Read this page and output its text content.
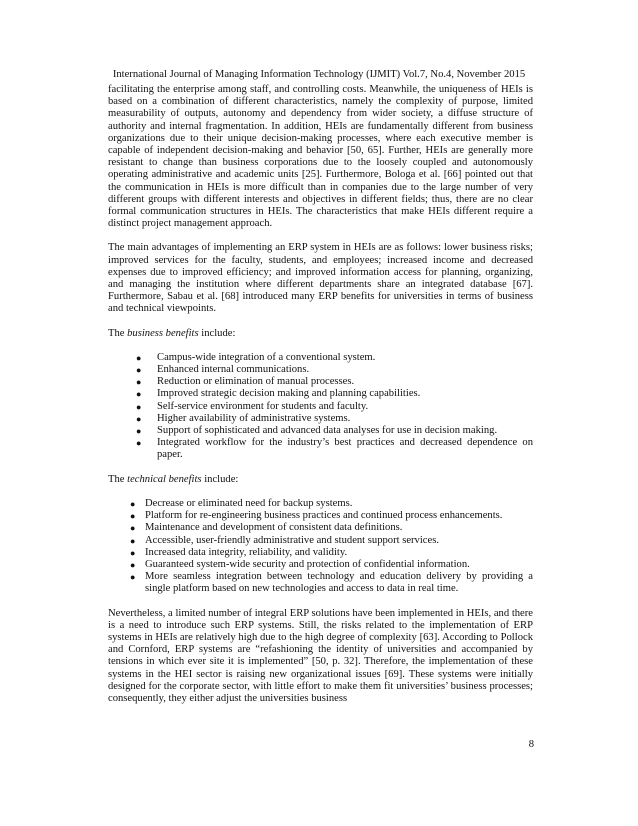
International Journal of Managing Information Technology (IJMIT) Vol.7, No.4, November 2015

facilitating the enterprise among staff, and controlling costs. Meanwhile, the uniqueness of HEIs is based on a combination of different characteristics, namely the complexity of purpose, limited measurability of outputs, autonomy and dependency from wider society, a diffuse structure of authority and internal fragmentation. In addition, HEIs are fundamentally different from business organizations due to their unique decision-making processes, where each executive member is capable of independent decision-making and behavior [50, 65]. Further, HEIs are generally more resistant to change than business corporations due to the loosely coupled and autonomously operating administrative and academic units [25]. Furthermore, Bologa et al. [66] pointed out that the communication in HEIs is more difficult than in companies due to the large number of very different groups with different interests and objectives in different fields; thus, there are no clear formal communication structures in HEIs. The characteristics that make HEIs different require a distinct project management approach.

The main advantages of implementing an ERP system in HEIs are as follows: lower business risks; improved services for the faculty, students, and employees; increased income and decreased expenses due to improved efficiency; and improved information access for planning, organizing, and managing the institution where different departments share an integrated database [67]. Furthermore, Sabau et al. [68] introduced many ERP benefits for universities in terms of business and technical viewpoints.

The business benefits include:

● Campus-wide integration of a conventional system.
● Enhanced internal communications.
● Reduction or elimination of manual processes.
● Improved strategic decision making and planning capabilities.
● Self-service environment for students and faculty.
● Higher availability of administrative systems.
● Support of sophisticated and advanced data analyses for use in decision making.
● Integrated workflow for the industry’s best practices and decreased dependence on paper.

The technical benefits include:

● Decrease or eliminated need for backup systems.
● Platform for re-engineering business practices and continued process enhancements.
● Maintenance and development of consistent data definitions.
● Accessible, user-friendly administrative and student support services.
● Increased data integrity, reliability, and validity.
● Guaranteed system-wide security and protection of confidential information.
● More seamless integration between technology and education delivery by providing a single platform based on new technologies and access to data in real time.

Nevertheless, a limited number of integral ERP solutions have been implemented in HEIs, and there is a need to introduce such ERP systems. Still, the risks related to the implementation of ERP systems in HEIs are relatively high due to the high degree of complexity [63]. According to Pollock and Cornford, ERP systems are “refashioning the identity of universities and accompanied by tensions in which ever site it is implemented” [50, p. 32]. Therefore, the implementation of these systems in the HEI sector is raising new organizational issues [69]. These systems were initially designed for the corporate sector, with little effort to make them fit universities’ business processes; consequently, they either adjust the universities business

8
